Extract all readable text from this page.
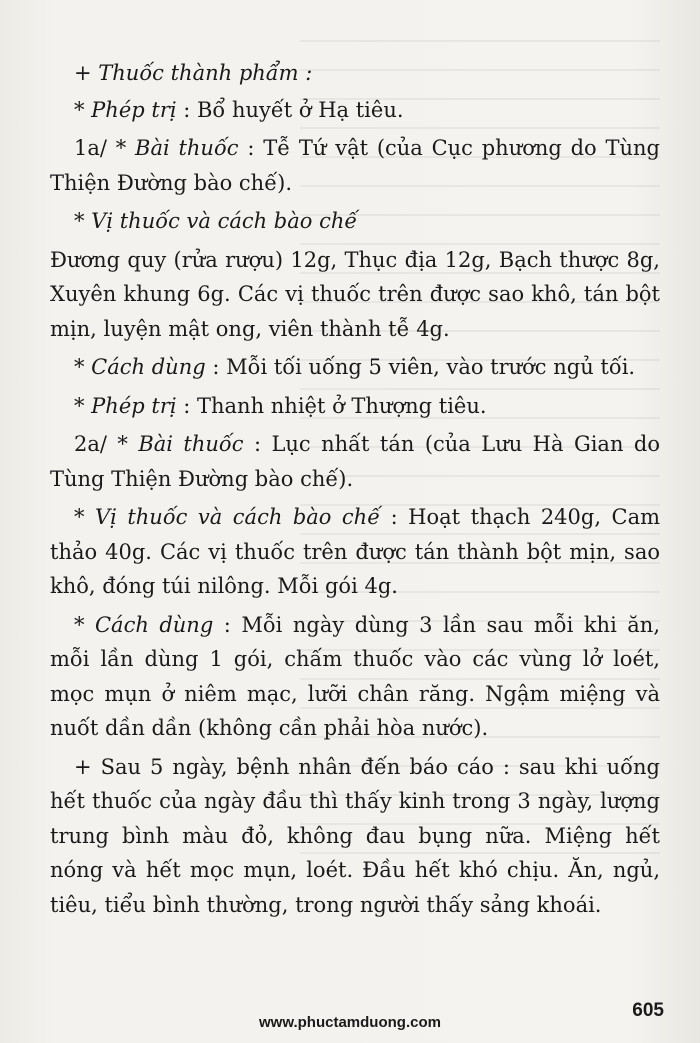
+ Thuốc thành phẩm :

* Phép trị : Bổ huyết ở Hạ tiêu.

1a/ * Bài thuốc : Tễ Tứ vật (của Cục phương do Tùng Thiện Đường bào chế).

* Vị thuốc và cách bào chế

Đương quy (rửa rượu) 12g, Thục địa 12g, Bạch thược 8g, Xuyên khung 6g. Các vị thuốc trên được sao khô, tán bột mịn, luyện mật ong, viên thành tễ 4g.

* Cách dùng : Mỗi tối uống 5 viên, vào trước ngủ tối.

* Phép trị : Thanh nhiệt ở Thượng tiêu.

2a/ * Bài thuốc : Lục nhất tán (của Lưu Hà Gian do Tùng Thiện Đường bào chế).

* Vị thuốc và cách bào chế : Hoạt thạch 240g, Cam thảo 40g. Các vị thuốc trên được tán thành bột mịn, sao khô, đóng túi nilông. Mỗi gói 4g.

* Cách dùng : Mỗi ngày dùng 3 lần sau mỗi khi ăn, mỗi lần dùng 1 gói, chấm thuốc vào các vùng lở loét, mọc mụn ở niêm mạc, lưỡi chân răng. Ngậm miệng và nuốt dần dần (không cần phải hòa nước).

+ Sau 5 ngày, bệnh nhân đến báo cáo : sau khi uống hết thuốc của ngày đầu thì thấy kinh trong 3 ngày, lượng trung bình màu đỏ, không đau bụng nữa. Miệng hết nóng và hết mọc mụn, loét. Đầu hết khó chịu. Ăn, ngủ, tiêu, tiểu bình thường, trong người thấy sảng khoái.

605
www.phuctamduong.com
